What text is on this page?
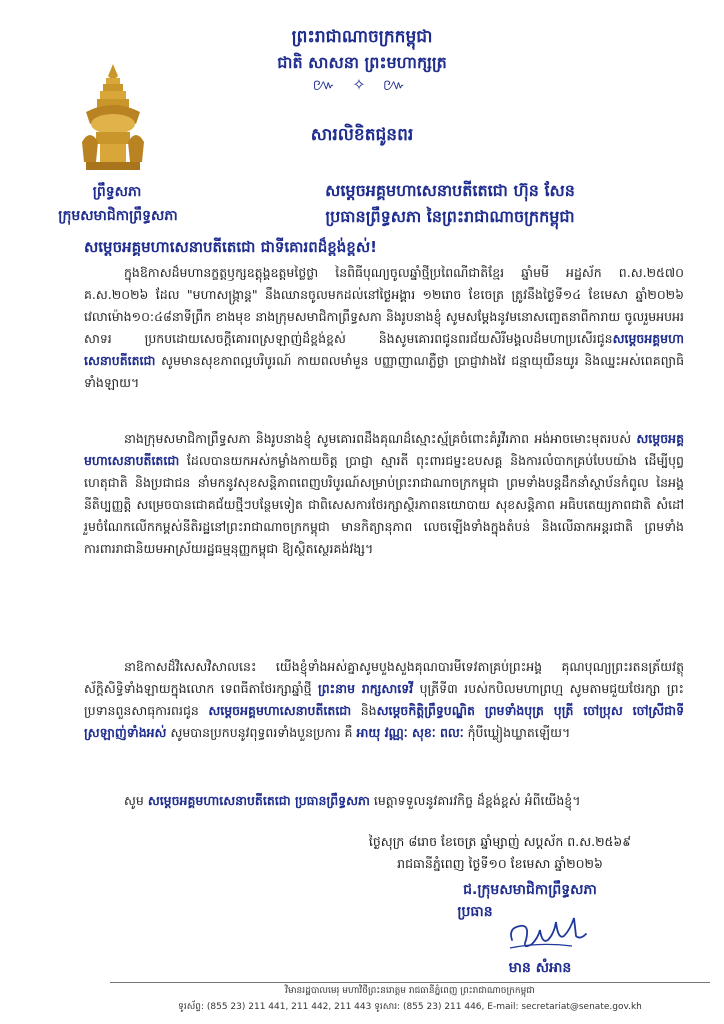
ព្រះរាជាណាចក្រកម្ពុជា
ជាតិ សាសនា ព្រះមហាក្សត្រ
៚ ✧ ៚
ព្រឹទ្ធសភា
ក្រុមសមាជិកាព្រឹទ្ធសភា
សារលិខិតជូនពរ
សម្តេចអគ្គមហាសេនាបតីតេជោ ហ៊ុន សែន
ប្រធានព្រឹទ្ធសភា នៃព្រះរាជាណាចក្រកម្ពុជា
សម្តេចអគ្គមហាសេនាបតីតេជោ ជាទីគោរពដ៏ខ្ពង់ខ្ពស់!

ក្នុងឱកាសដ៏មហានក្ខត្តឫក្សឧត្តុង្គឧត្តមថ្លៃថ្លា នៃពិធីបុណ្យចូលឆ្នាំថ្មីប្រពៃណីជាតិខ្មែរ ឆ្នាំមមី អដ្ឋស័ក ព.ស.២៥៧០ គ.ស.២០២៦ ដែល "មហាសង្ក្រាន្ត" នឹងឈានចូលមកដល់នៅថ្ងៃអង្គារ ១២រោច ខែចេត្រ ត្រូវនឹងថ្ងៃទី១៤ ខែមេសា ឆ្នាំ២០២៦ វេលាម៉ោង១០:៤៨នាទីព្រឹក ខាងមុខ នាងក្រុមសមាជិកាព្រឹទ្ធសភា និងរូបនាងខ្ញុំ សូមសម្តែងនូវមនោសញ្ចេតនាពីការាយ ចូលរួមអបអរសាទរ ប្រកបដោយសេចក្តីគោរពស្រឡាញ់ដ៏ខ្ពង់ខ្ពស់ និងសូមគោរពជូនពរជ័យសិរីមង្គលដ៏មហាប្រសើរជូនសម្តេចអគ្គមហាសេនាបតីតេជោ សូមមានសុខភាពល្អបរិបូរណ៍ កាយពលមាំមួន បញ្ញាញាណភ្លឺថ្លា ប្រាជ្ញាវាងវៃ ជន្មាយុយឺនយូរ និងឈ្នះអស់ពេគព្យាធិទាំងឡាយ។

នាងក្រុមសមាជិកាព្រឹទ្ធសភា និងរូបនាងខ្ញុំ សូមគោរពដឹងគុណដ៏ស្មោះស្ម័គ្រចំពោះគំរូវីរភាព អង់អាចមោះមុតរបស់ សម្តេចអគ្គមហាសេនាបតីតេជោ ដែលបានយកអស់កម្លាំងកាយចិត្ត ប្រាជ្ញា ស្មារតី ពុះពារជម្នះឧបសគ្គ និងការលំបាកគ្រប់បែបយ៉ាង ដើម្បីបុព្វហេតុជាតិ និងប្រជាជន នាំមកនូវសុខសន្តិភាពពេញបរិបូរណ៍សម្រាប់ព្រះរាជាណាចក្រកម្ពុជា ព្រមទាំងបន្តដឹកនាំស្ថាប័នកំពូល នៃអង្គនីតិប្បញ្ញត្តិ សម្រេចបានជោគជ័យថ្មីៗបន្ថែមទៀត ជាពិសេសការថែរក្សាស្ថិរភាពនយោបាយ សុខសន្តិភាព អធិបតេយ្យភាពជាតិ សំដៅរួមចំណែកលើកកម្ពស់នីតិរដ្ឋនៅព្រះរាជាណាចក្រកម្ពុជា មានកិត្យានុភាព លេចឡើងទាំងក្នុងតំបន់ និងលើឆាកអន្តរជាតិ ព្រមទាំងការពាររាជានិយមអាស្រ័យរដ្ឋធម្មនុញ្ញកម្ពុជា ឱ្យស្ថិតស្ថេរគង់វង្ស។

នាឱកាសដ៏វិសេសវិសាលនេះ យើងខ្ញុំទាំងអស់គ្នាសូមបួងសួងគុណបារមីទេវតាគ្រប់ព្រះអង្គ គុណបុណ្យព្រះរតនត្រ័យវត្ថុស័ក្តិសិទ្ធិទាំងឡាយក្នុងលោក ទេពធីតាថែរក្សាឆ្នាំថ្មី ព្រះនាម រាក្សសាទេវី បុត្រីទី៣ របស់កបិលមហាព្រហ្ម សូមតាមជួយថែរក្សា ព្រះប្រទានពួនសាធុការពរជូន សម្តេចអគ្គមហាសេនាបតីតេជោ និងសម្តេចកិត្តិព្រឹទ្ធបណ្ឌិត ព្រមទាំងបុត្រ បុត្រី ចៅប្រុស ចៅស្រីជាទីស្រឡាញ់ទាំងអស់ សូមបានប្រកបនូវពុទ្ធពរទាំងបួនប្រការ គឺ អាយុ វណ្ណៈ សុខៈ ពលៈ កុំបីឃ្លៀងឃ្លាតឡើយ។

សូម សម្តេចអគ្គមហាសេនាបតីតេជោ ប្រធានព្រឹទ្ធសភា មេត្តាទទួលនូវគារវកិច្ច ដ៏ខ្ពង់ខ្ពស់ អំពីយើងខ្ញុំ។

ថ្ងៃសុក្រ ៨រោច ខែចេត្រ ឆ្នាំម្សាញ់ សប្តស័ក ព.ស.២៥៦៩
រាជធានីភ្នំពេញ ថ្ងៃទី១០ ខែមេសា ឆ្នាំ២០២៦
ជ.ក្រុមសមាជិកាព្រឹទ្ធសភា
ប្រធាន
មាន សំអាន
វិមានរដ្ឋបាលមេរុ មហាវិថីព្រះនរោត្តម រាជធានីភ្នំពេញ ព្រះរាជាណាចក្រកម្ពុជា
ទូរស័ព្ទ: (855 23) 211 441, 211 442, 211 443 ទូរសារ: (855 23) 211 446, E-mail: secretariat@senate.gov.kh
